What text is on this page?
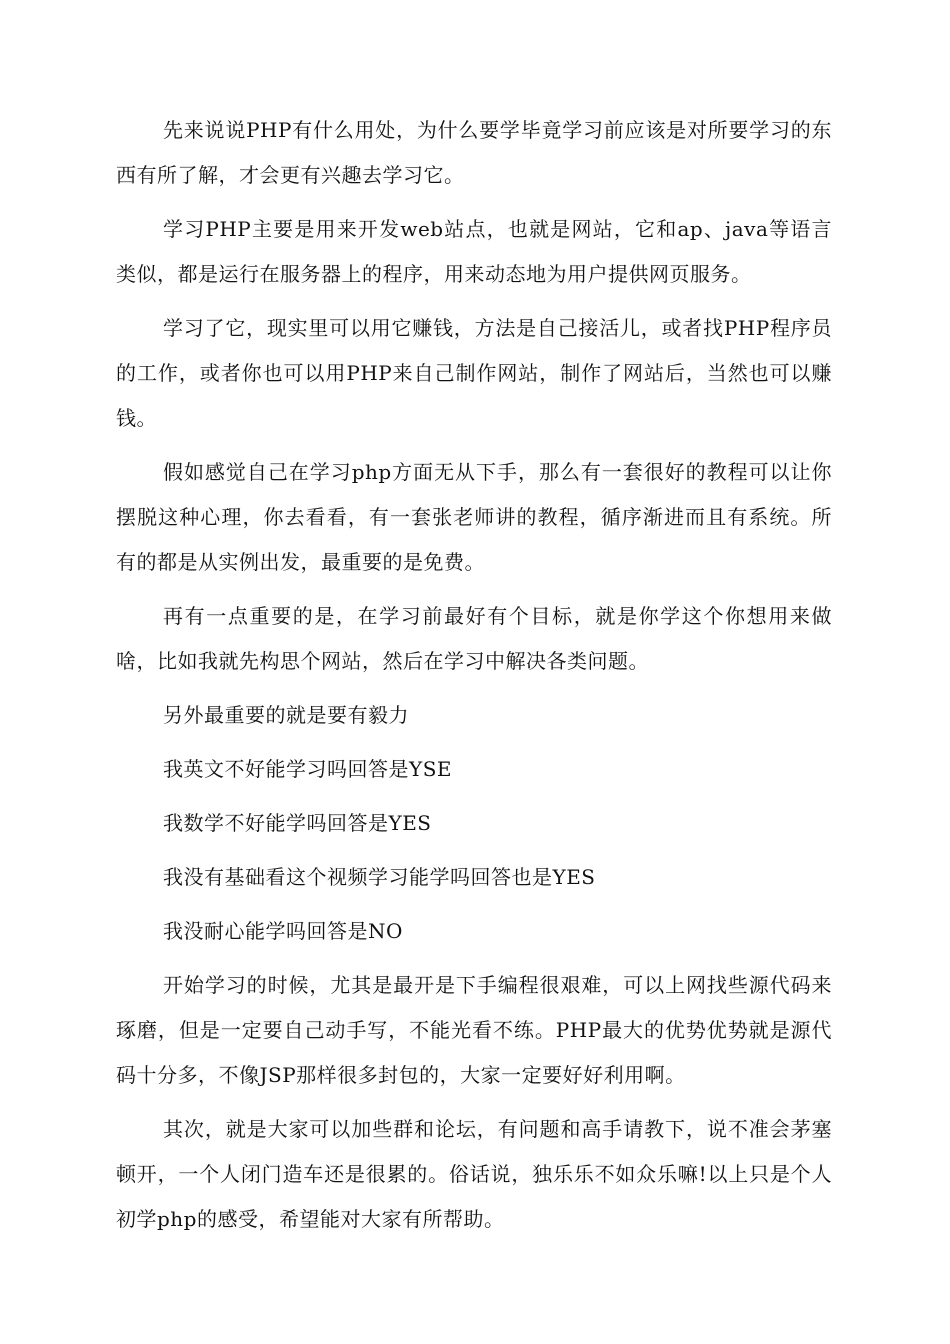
先来说说PHP有什么用处，为什么要学毕竟学习前应该是对所要学习的东西有所了解，才会更有兴趣去学习它。

学习PHP主要是用来开发web站点，也就是网站，它和ap、java等语言类似，都是运行在服务器上的程序，用来动态地为用户提供网页服务。

学习了它，现实里可以用它赚钱，方法是自己接活儿，或者找PHP程序员的工作，或者你也可以用PHP来自己制作网站，制作了网站后，当然也可以赚钱。

假如感觉自己在学习php方面无从下手，那么有一套很好的教程可以让你摆脱这种心理，你去看看，有一套张老师讲的教程，循序渐进而且有系统。所有的都是从实例出发，最重要的是免费。

再有一点重要的是，在学习前最好有个目标，就是你学这个你想用来做啥，比如我就先构思个网站，然后在学习中解决各类问题。

另外最重要的就是要有毅力

我英文不好能学习吗回答是YSE

我数学不好能学吗回答是YES

我没有基础看这个视频学习能学吗回答也是YES

我没耐心能学吗回答是NO

开始学习的时候，尤其是最开是下手编程很艰难，可以上网找些源代码来琢磨，但是一定要自己动手写，不能光看不练。PHP最大的优势优势就是源代码十分多，不像JSP那样很多封包的，大家一定要好好利用啊。

其次，就是大家可以加些群和论坛，有问题和高手请教下，说不准会茅塞顿开，一个人闭门造车还是很累的。俗话说，独乐乐不如众乐嘛!以上只是个人初学php的感受，希望能对大家有所帮助。
